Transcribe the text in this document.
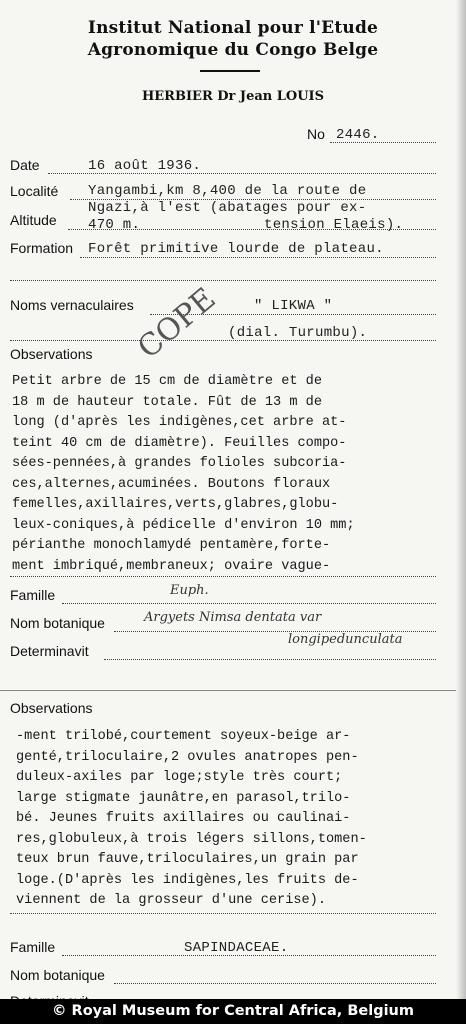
Institut National pour l'Etude
Agronomique du Congo Belge
HERBIER Dr Jean LOUIS
No 2446.
Date	16 août 1936.
Localité Yangambi,km 8,400 de la route de
Ngazi,à l'est (abatages pour ex-
Altitude 470 m.	tension Elaeis).
Formation Forêt primitive lourde de plateau.
COPE
Noms vernaculaires	" LIKWA "
(dial. Turumbu).
Observations
Petit arbre de 15 cm de diamètre et de
18 m de hauteur totale. Fût de 13 m de
long (d'après les indigènes,cet arbre at-
teint 40 cm de diamètre). Feuilles compo-
sées-pennées,à grandes folioles subcoria-
ces,alternes,acuminées. Boutons floraux
femelles,axillaires,verts,glabres,globu-
leux-coniques,à pédicelle d'environ 10 mm;
périanthe monochlamydé pentamère,forte-
ment imbriqué,membraneux; ovaire vague-
Famille	Euph.
Nom botanique	Argyets Nimsa dentata var
longipedunculata
Determinavit
Observations
-ment trilobé,courtement soyeux-beige ar-
genté,triloculaire,2 ovules anatropes pen-
duleux-axiles par loge;style très court;
large stigmate jaunâtre,en parasol,trilo-
bé. Jeunes fruits axillaires ou caulinai-
res,globuleux,à trois légers sillons,tomen-
teux brun fauve,triloculaires,un grain par
loge.(D'après les indigènes,les fruits de-
viennent de la grosseur d'une cerise).
Famille	SAPINDACEAE.
Nom botanique
© Royal Museum for Central Africa, Belgium
